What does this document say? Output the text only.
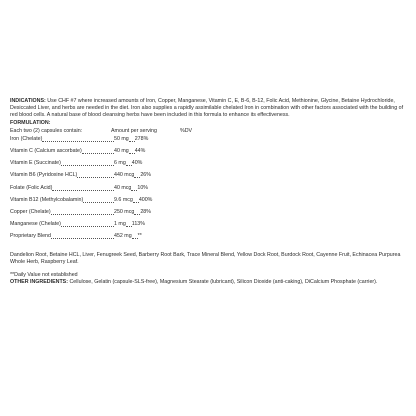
INDICATIONS: Use CHF #7 where increased amounts of Iron, Copper, Manganese, Vitamin C, E, B-6, B-12, Folic Acid, Methionine, Glycine, Betaine Hydrochloride, Desiccated Liver, and herbs are needed in the diet. Iron also supplies a rapidly assimilable chelated Iron in combination with other factors associated with the building of red blood cells. A natural base of blood cleansing herbs have been included in this formula to enhance its effectiveness.

FORMULATION:
Each two (2) capsules contain:	Amount per serving	%DV
Iron (Chelate)	50 mg 278%
Vitamin C (Calcium ascorbate)	40 mg 44%
Vitamin E (Succinate)	6 mg 40%
Vitamin B6 (Pyridoxine HCL)	440 mcg 26%
Folate (Folic Acid)	40 mcg 10%
Vitamin B12 (Methylcobalamin)	9.6 mcg 400%
Copper (Chelate)	250 mcg 28%
Manganese (Chelate)	1 mg 113%
Proprietary Blend	452 mg **

Dandelion Root, Betaine HCL, Liver, Fenugreek Seed, Barberry Root Bark, Trace Mineral Blend, Yellow Dock Root, Burdock Root, Cayenne Fruit, Echinacea Purpurea Whole Herb, Raspberry Leaf.

**Daily Value not established

OTHER INGREDIENTS: Cellulose, Gelatin (capsule-SLS-free), Magnesium Stearate (lubricant), Silicon Dioxide (anti-caking), DiCalcium Phosphate (carrier).
